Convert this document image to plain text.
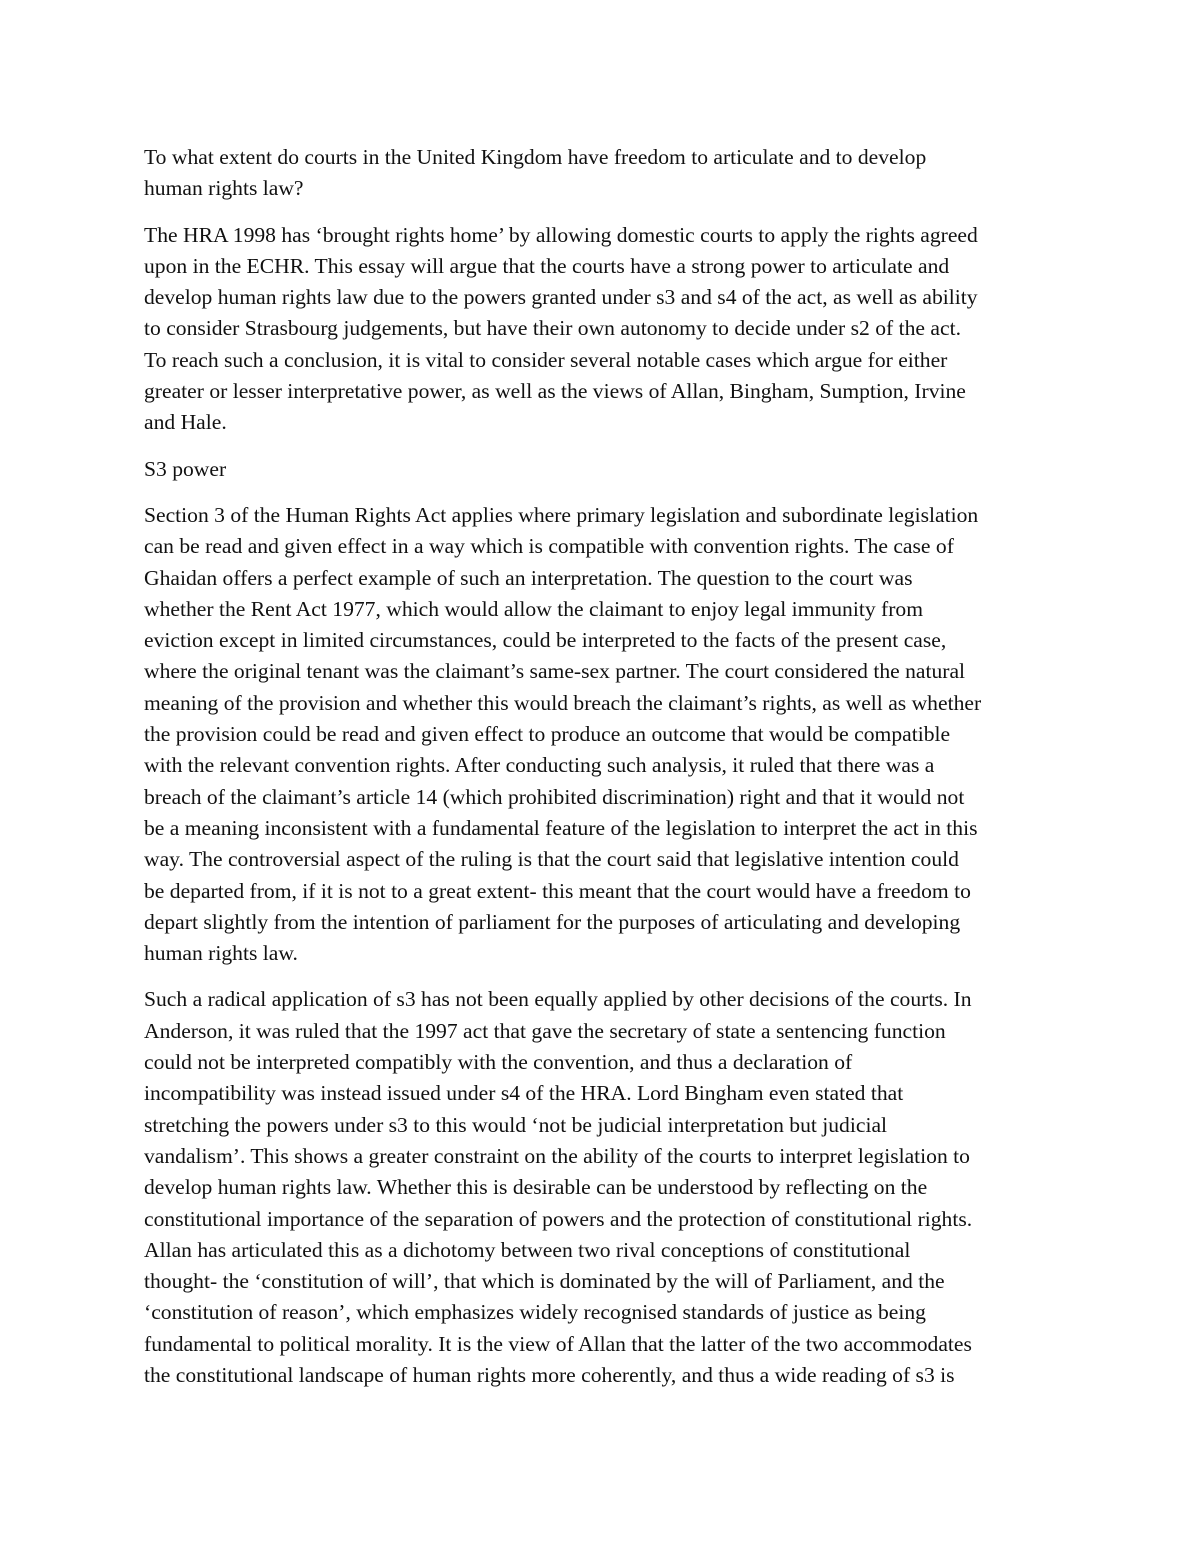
To what extent do courts in the United Kingdom have freedom to articulate and to develop
human rights law?

The HRA 1998 has ‘brought rights home’ by allowing domestic courts to apply the rights agreed
upon in the ECHR. This essay will argue that the courts have a strong power to articulate and
develop human rights law due to the powers granted under s3 and s4 of the act, as well as ability
to consider Strasbourg judgements, but have their own autonomy to decide under s2 of the act.
To reach such a conclusion, it is vital to consider several notable cases which argue for either
greater or lesser interpretative power, as well as the views of Allan, Bingham, Sumption, Irvine
and Hale.

S3 power

Section 3 of the Human Rights Act applies where primary legislation and subordinate legislation
can be read and given effect in a way which is compatible with convention rights. The case of
Ghaidan offers a perfect example of such an interpretation. The question to the court was
whether the Rent Act 1977, which would allow the claimant to enjoy legal immunity from
eviction except in limited circumstances, could be interpreted to the facts of the present case,
where the original tenant was the claimant’s same-sex partner. The court considered the natural
meaning of the provision and whether this would breach the claimant’s rights, as well as whether
the provision could be read and given effect to produce an outcome that would be compatible
with the relevant convention rights. After conducting such analysis, it ruled that there was a
breach of the claimant’s article 14 (which prohibited discrimination) right and that it would not
be a meaning inconsistent with a fundamental feature of the legislation to interpret the act in this
way. The controversial aspect of the ruling is that the court said that legislative intention could
be departed from, if it is not to a great extent- this meant that the court would have a freedom to
depart slightly from the intention of parliament for the purposes of articulating and developing
human rights law.

Such a radical application of s3 has not been equally applied by other decisions of the courts. In
Anderson, it was ruled that the 1997 act that gave the secretary of state a sentencing function
could not be interpreted compatibly with the convention, and thus a declaration of
incompatibility was instead issued under s4 of the HRA. Lord Bingham even stated that
stretching the powers under s3 to this would ‘not be judicial interpretation but judicial
vandalism’. This shows a greater constraint on the ability of the courts to interpret legislation to
develop human rights law. Whether this is desirable can be understood by reflecting on the
constitutional importance of the separation of powers and the protection of constitutional rights.
Allan has articulated this as a dichotomy between two rival conceptions of constitutional
thought- the ‘constitution of will’, that which is dominated by the will of Parliament, and the
‘constitution of reason’, which emphasizes widely recognised standards of justice as being
fundamental to political morality. It is the view of Allan that the latter of the two accommodates
the constitutional landscape of human rights more coherently, and thus a wide reading of s3 is
